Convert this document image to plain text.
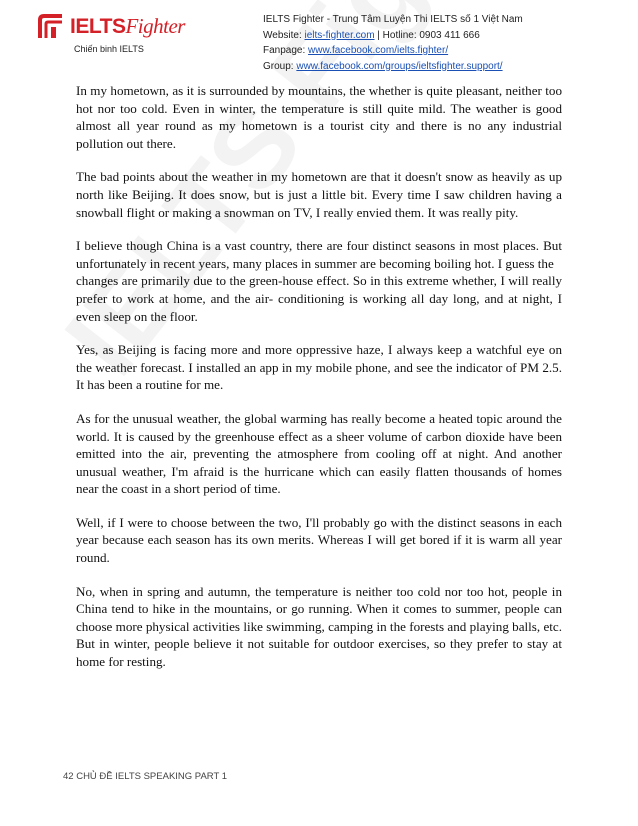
IELTSFighter
Chiến binh IELTS
IELTS Fighter - Trung Tâm Luyện Thi IELTS số 1 Việt Nam
Website: ielts-fighter.com | Hotline: 0903 411 666
Fanpage: www.facebook.com/ielts.fighter/
Group: www.facebook.com/groups/ieltsfighter.support/

In my hometown, as it is surrounded by mountains, the whether is quite pleasant, neither too hot nor too cold. Even in winter, the temperature is still quite mild. The weather is good almost all year round as my hometown is a tourist city and there is no any industrial pollution out there.

The bad points about the weather in my hometown are that it doesn't snow as heavily as up north like Beijing. It does snow, but is just a little bit. Every time I saw children having a snowball flight or making a snowman on TV, I really envied them. It was really pity.

I believe though China is a vast country, there are four distinct seasons in most places. But unfortunately in recent years, many places in summer are becoming boiling hot. I guess the

changes are primarily due to the green-house effect. So in this extreme whether, I will really prefer to work at home, and the air- conditioning is working all day long, and at night, I even sleep on the floor.

Yes, as Beijing is facing more and more oppressive haze, I always keep a watchful eye on the weather forecast. I installed an app in my mobile phone, and see the indicator of PM 2.5. It has been a routine for me.

As for the unusual weather, the global warming has really become a heated topic around the world. It is caused by the greenhouse effect as a sheer volume of carbon dioxide have been emitted into the air, preventing the atmosphere from cooling off at night. And another unusual weather, I'm afraid is the hurricane which can easily flatten thousands of homes near the coast in a short period of time.

Well, if I were to choose between the two, I'll probably go with the distinct seasons in each year because each season has its own merits. Whereas I will get bored if it is warm all year round.

No, when in spring and autumn, the temperature is neither too cold nor too hot, people in China tend to hike in the mountains, or go running. When it comes to summer, people can choose more physical activities like swimming, camping in the forests and playing balls, etc. But in winter, people believe it not suitable for outdoor exercises, so they prefer to stay at home for resting.

42 CHỦ ĐỀ IELTS SPEAKING PART 1
